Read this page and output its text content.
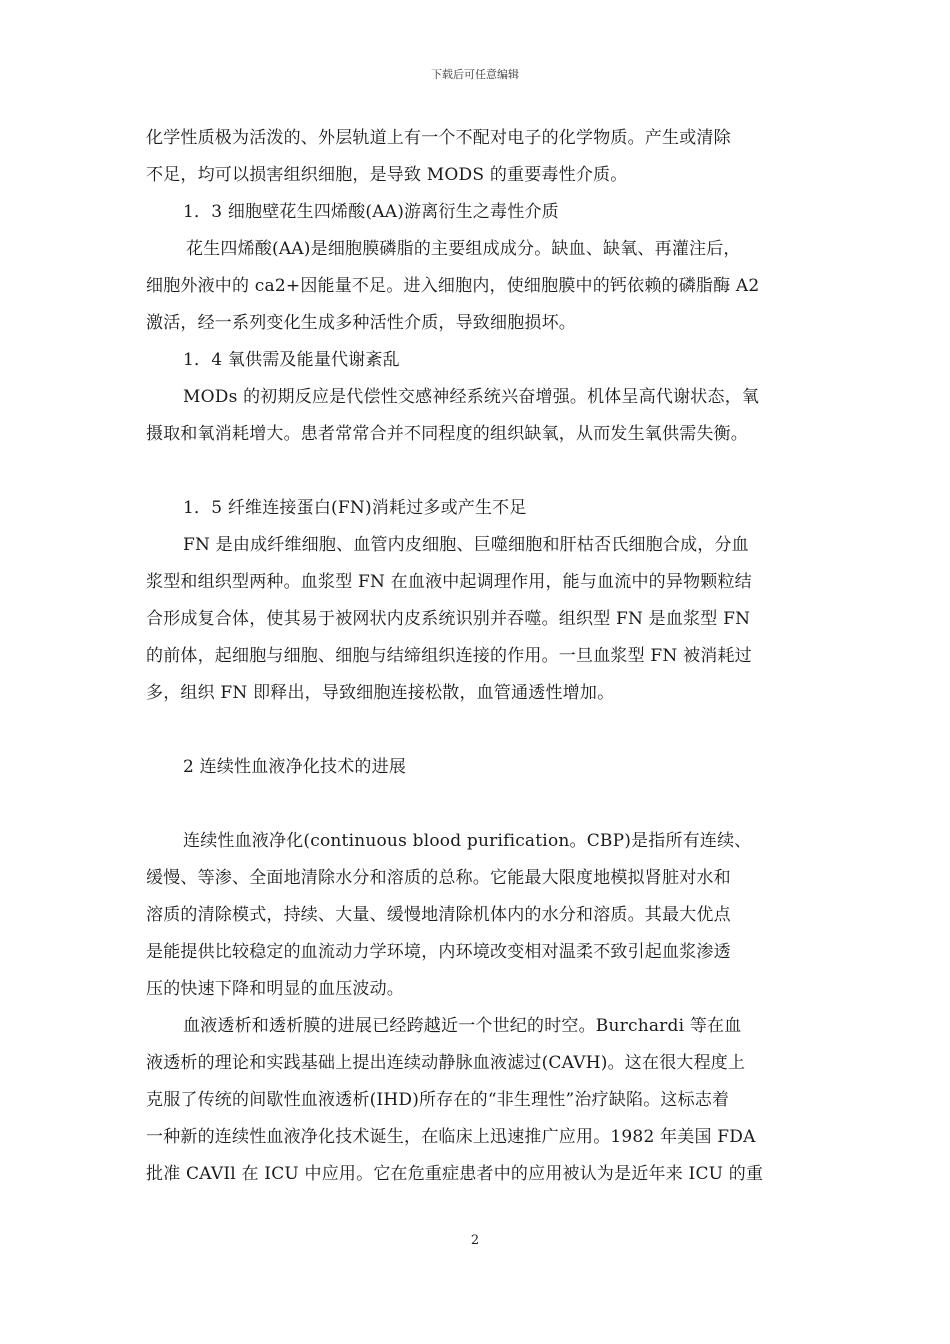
下载后可任意编辑
化学性质极为活泼的、外层轨道上有一个不配对电子的化学物质。产生或清除
不足，均可以损害组织细胞，是导致 MODS 的重要毒性介质。
1．3 细胞壁花生四烯酸(AA)游离衍生之毒性介质
花生四烯酸(AA)是细胞膜磷脂的主要组成成分。缺血、缺氧、再灌注后，
细胞外液中的 ca2+因能量不足。进入细胞内，使细胞膜中的钙依赖的磷脂酶 A2
激活，经一系列变化生成多种活性介质，导致细胞损坏。
1．4 氧供需及能量代谢紊乱
MODs 的初期反应是代偿性交感神经系统兴奋增强。机体呈高代谢状态，氧
摄取和氧消耗增大。患者常常合并不同程度的组织缺氧，从而发生氧供需失衡。
1．5 纤维连接蛋白(FN)消耗过多或产生不足
FN 是由成纤维细胞、血管内皮细胞、巨噬细胞和肝枯否氏细胞合成，分血
浆型和组织型两种。血浆型 FN 在血液中起调理作用，能与血流中的异物颗粒结
合形成复合体，使其易于被网状内皮系统识别并吞噬。组织型 FN 是血浆型 FN
的前体，起细胞与细胞、细胞与结缔组织连接的作用。一旦血浆型 FN 被消耗过
多，组织 FN 即释出，导致细胞连接松散，血管通透性增加。
2 连续性血液净化技术的进展
连续性血液净化(continuous blood purification。CBP)是指所有连续、
缓慢、等渗、全面地清除水分和溶质的总称。它能最大限度地模拟肾脏对水和
溶质的清除模式，持续、大量、缓慢地清除机体内的水分和溶质。其最大优点
是能提供比较稳定的血流动力学环境，内环境改变相对温柔不致引起血浆渗透
压的快速下降和明显的血压波动。
血液透析和透析膜的进展已经跨越近一个世纪的时空。Burchardi 等在血
液透析的理论和实践基础上提出连续动静脉血液滤过(CAVH)。这在很大程度上
克服了传统的间歇性血液透析(IHD)所存在的“非生理性”治疗缺陷。这标志着
一种新的连续性血液净化技术诞生，在临床上迅速推广应用。1982 年美国 FDA
批准 CAVIl 在 ICU 中应用。它在危重症患者中的应用被认为是近年来 ICU 的重
2
